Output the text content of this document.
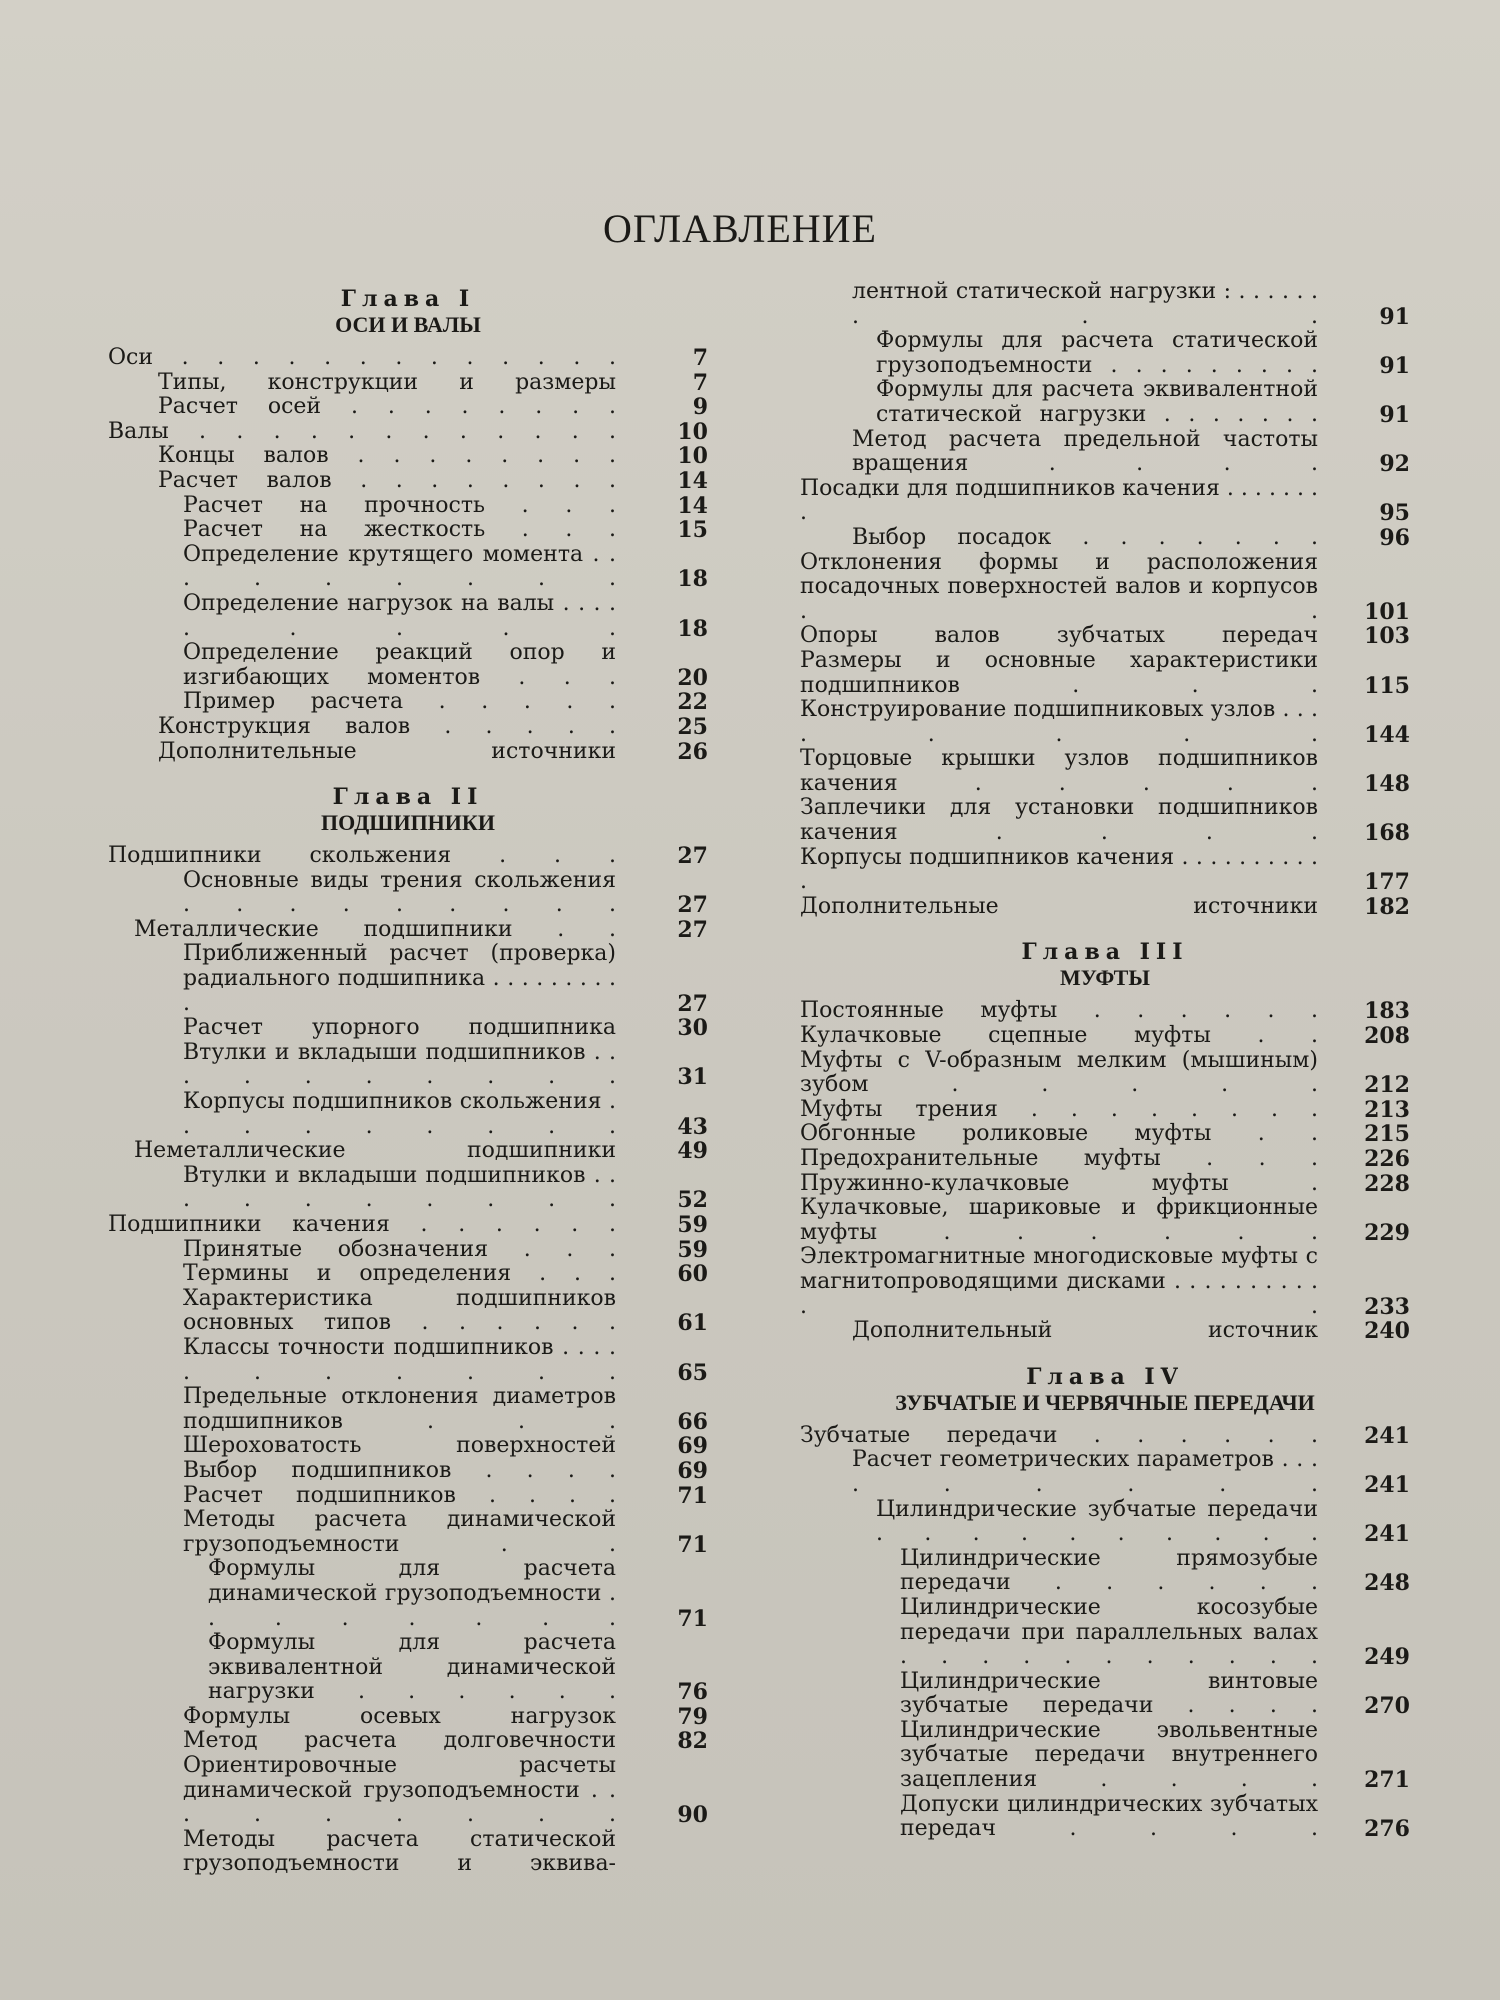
ОГЛАВЛЕНИЕ
Глава I
ОСИ И ВАЛЫ
Оси . . . . . . . . . . . . .	7
Типы, конструкции и размеры	7
Расчет осей . . . . . . . .	9
Валы . . . . . . . . . . . .	10
Концы валов . . . . . . . .	10
Расчет валов . . . . . . . .	14
Расчет на прочность . . .	14
Расчет на жесткость . . .	15
Определение крутящего момента . . . . . . . . .	18
Определение нагрузок на валы . . . . . . . . .	18
Определение реакций опор и изгибающих моментов . . .	20
Пример расчета . . . . .	22
Конструкция валов . . . . .	25
Дополнительные источники	26
Глава II
ПОДШИПНИКИ
Подшипники скольжения . . .	27
Основные виды трения скольжения . . . . . . . . .	27
Металлические подшипники . .	27
Приближенный расчет (проверка) радиального подшипника . . . . . . . . . .	27
Расчет упорного подшипника	30
Втулки и вкладыши подшипников . . . . . . . . . .	31
Корпусы подшипников скольжения . . . . . . . . .	43
Неметаллические подшипники	49
Втулки и вкладыши подшипников . . . . . . . . . .	52
Подшипники качения . . . . . .	59
Принятые обозначения . . .	59
Термины и определения . . .	60
Характеристика подшипников основных типов . . . . . .	61
Классы точности подшипников . . . . . . . . . . .	65
Предельные отклонения диаметров подшипников . . .	66
Шероховатость поверхностей	69
Выбор подшипников . . . .	69
Расчет подшипников . . . .	71
Методы расчета динамической грузоподъемности . .	71
Формулы для расчета динамической грузоподъемности . . . . . . . .	71
Формулы для расчета эквивалентной динамической нагрузки . . . . . .	76
Формулы осевых нагрузок	79
Метод расчета долговечности	82
Ориентировочные расчеты динамической грузоподъемности . . . . . . . . .	90
Методы расчета статической грузоподъемности и эквива-
лентной статической нагрузки : . . . . . . . . .	91
Формулы для расчета статической грузоподъемности . . . . . . . . .	91
Формулы для расчета эквивалентной статической нагрузки . . . . . . .	91
Метод расчета предельной частоты вращения . . . .	92
Посадки для подшипников качения . . . . . . . .	95
Выбор посадок . . . . . . .	96
Отклонения формы и расположения посадочных поверхностей валов и корпусов . .	101
Опоры валов зубчатых передач	103
Размеры и основные характеристики подшипников . . .	115
Конструирование подшипниковых узлов . . . . . . . .	144
Торцовые крышки узлов подшипников качения . . . . .	148
Заплечики для установки подшипников качения . . . .	168
Корпусы подшипников качения . . . . . . . . . . .	177
Дополнительные источники	182
Глава III
МУФТЫ
Постоянные муфты . . . . . .	183
Кулачковые сцепные муфты . .	208
Муфты с V-образным мелким (мышиным) зубом . . . . .	212
Муфты трения . . . . . . . .	213
Обгонные роликовые муфты . .	215
Предохранительные муфты . . .	226
Пружинно-кулачковые муфты .	228
Кулачковые, шариковые и фрикционные муфты . . . . . .	229
Электромагнитные многодисковые муфты с магнитопроводящими дисками . . . . . . . . . . . .	233
Дополнительный источник	240
Глава IV
ЗУБЧАТЫЕ И ЧЕРВЯЧНЫЕ ПЕРЕДАЧИ
Зубчатые передачи . . . . . .	241
Расчет геометрических параметров . . . . . . . . .	241
Цилиндрические зубчатые передачи . . . . . . . . . .	241
Цилиндрические прямозубые передачи . . . . . .	248
Цилиндрические косозубые передачи при параллельных валах . . . . . . . . . . .	249
Цилиндрические винтовые зубчатые передачи . . . .	270
Цилиндрические эвольвентные зубчатые передачи внутреннего зацепления . . . .	271
Допуски цилиндрических зубчатых передач . . . .	276
